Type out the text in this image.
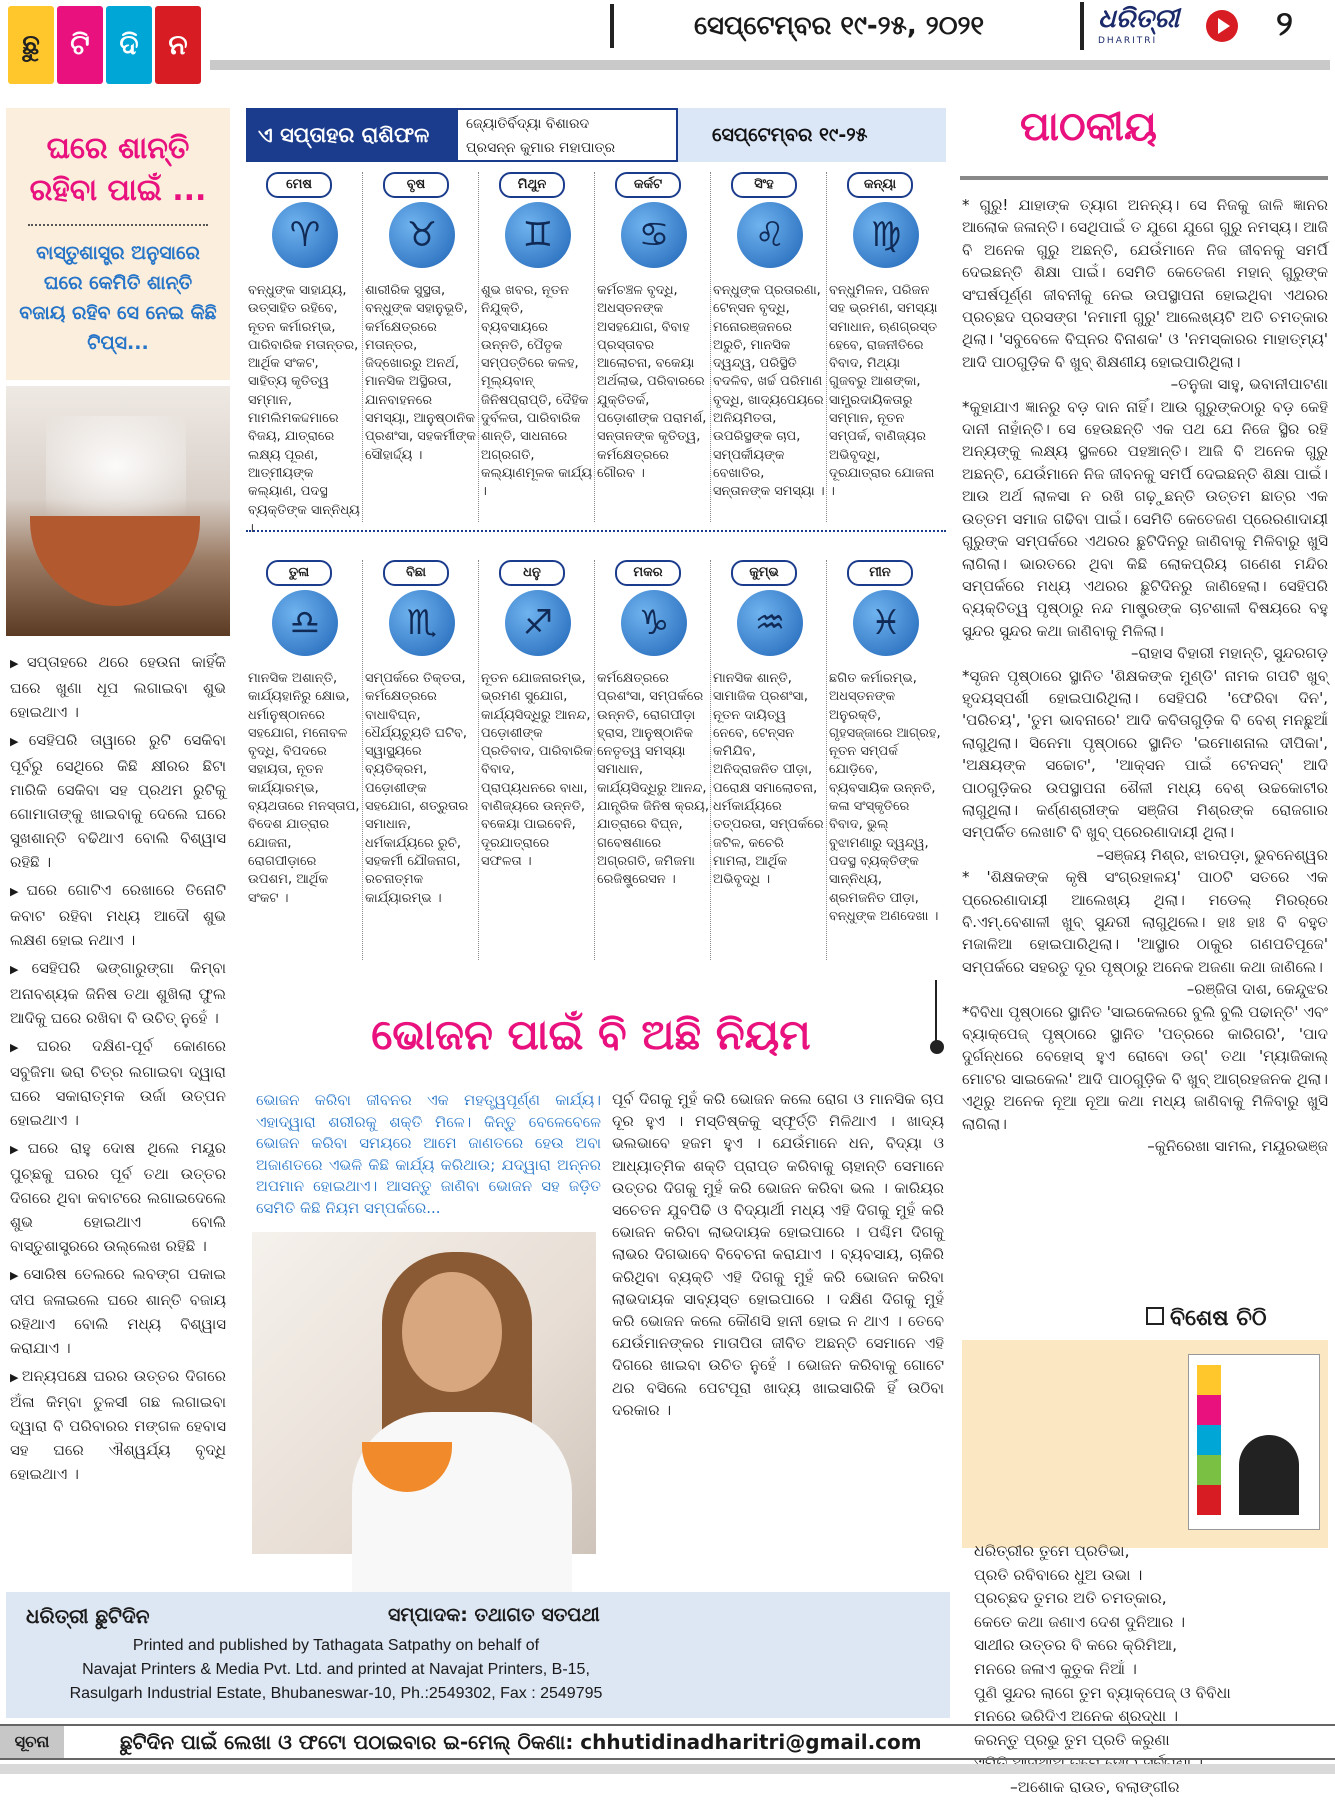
ଛୁ	ଟି	ଦି	ନ
ସେପ୍ଟେମ୍ବର ୧୯-୨୫, ୨୦୨୧	ଧରିତ୍ରୀ
DHARITRI	୨
ଘରେ ଶାନ୍ତି
ରହିବା ପାଇଁ ...
ବାସ୍ତୁଶାସ୍ତ୍ର ଅନୁସାରେ ଘରେ କେମିତି ଶାନ୍ତି ବଜାୟ ରହିବ ସେ ନେଇ କିଛି ଟିପ୍ସ...

▶ ସପ୍ତାହରେ ଥରେ ହେଉନା କାହିଁକି ଘରେ ଖୁଣା ଧୂପ ଲଗାଇବା ଶୁଭ ହୋଇଥାଏ ।

▶ ସେହିପରି ତାୱାରେ ରୁଟି ସେକିବା ପୂର୍ବରୁ ସେଥିରେ କିଛି କ୍ଷୀରର ଛିଟା ମାରିକି ସେକିବା ସହ ପ୍ରଥମ ରୁଟିକୁ ଗୋମାତାଙ୍କୁ ଖାଇବାକୁ ଦେଲେ ଘରେ ସୁଖଶାନ୍ତି ବଢିଥାଏ ବୋଲି ବିଶ୍ୱାସ ରହିଛି ।

▶ ଘରେ ଗୋଟିଏ ରେଖାରେ ତିନୋଟି କବାଟ ରହିବା ମଧ୍ୟ ଆଦୌ ଶୁଭ ଲକ୍ଷଣ ହୋଇ ନଥାଏ ।

▶ ସେହିପରି ଭଙ୍ଗାରୁଙ୍ଗା କିମ୍ବା ଅନାବଶ୍ୟକ ଜିନିଷ ତଥା ଶୁଖିଲା ଫୁଲ ଆଦିକୁ ଘରେ ରଖିବା ବି ଉଚିତ୍ ନୁହେଁ ।

▶ ଘରର ଦକ୍ଷିଣ-ପୂର୍ବ କୋଣରେ ସବୁଜିମା ଭରା ଚିତ୍ର ଲଗାଇବା ଦ୍ୱାରା ଘରେ ସକାରାତ୍ମକ ଉର୍ଜା ଉତ୍ପନ ହୋଇଥାଏ ।

▶ ଘରେ ରାହୁ ଦୋଷ ଥିଲେ ମୟୂର ପୁଚ୍ଛକୁ ଘରର ପୂର୍ବ ତଥା ଉତ୍ତର ଦିଗରେ ଥିବା କବାଟରେ ଲଗାଇଦେଲେ ଶୁଭ ହୋଇଥାଏ ବୋଲି ବାସ୍ତୁଶାସ୍ତ୍ରରେ ଉଲ୍ଲେଖ ରହିଛି ।

▶ ସୋରିଷ ତେଲରେ ଲବଙ୍ଗ ପକାଇ ଦୀପ ଜଳାଇଲେ ଘରେ ଶାନ୍ତି ବଜାୟ ରହିଥାଏ ବୋଲି ମଧ୍ୟ ବିଶ୍ୱାସ କରାଯାଏ ।

▶ ଅନ୍ୟପକ୍ଷେ ଘରର ଉତ୍ତର ଦିଗରେ ଅଁଳା କିମ୍ବା ତୁଳସୀ ଗଛ ଲଗାଇବା ଦ୍ୱାରା ବି ପରିବାରର ମଙ୍ଗଳ ହେବାସ ସହ ଘରେ ଐଶ୍ୱର୍ଯ୍ୟ ବୃଦ୍ଧି ହୋଇଥାଏ ।

ଏ ସପ୍ତାହର ରାଶିଫଳ	ଜ୍ୟୋତିର୍ବିଦ୍ୟା ବିଶାରଦ
ପ୍ରସନ୍ନ କୁମାର ମହାପାତ୍ର
ସେପ୍ଟେମ୍ବର ୧୯-୨୫
ମେଷ
♈
ବନ୍ଧୁଙ୍କ ସାହାଯ୍ୟ, ଉତ୍ସାହିତ ରହିବେ, ନୂତନ କର୍ମାରମ୍ଭ, ପାରିବାରିକ ମତାନ୍ତର, ଆର୍ଥିକ ସଂକଟ, ସାହିତ୍ୟ କୃତିତ୍ୱ ସମ୍ମାନ, ମାମଲିମକଦ୍ଦମାରେ ବିଜୟ, ଯାତ୍ରାରେ ଲକ୍ଷ୍ୟ ପୂରଣ, ଆତ୍ମୀୟଙ୍କ କଲ୍ୟାଣ, ପଦସ୍ଥ ବ୍ୟକ୍ତିଙ୍କ ସାନ୍ନିଧ୍ୟ ।
ବୃଷ
♉
ଶାରୀରିକ ସୁସ୍ଥତା, ବନ୍ଧୁଙ୍କ ସହାନୁଭୂତି, କର୍ମକ୍ଷେତ୍ରରେ ମତାନ୍ତର, ଜିଦ୍‌ଖୋରରୁ ଅନର୍ଥ, ମାନସିକ ଅସ୍ଥିରତା, ଯାନବାହନରେ ସମସ୍ୟା, ଆନୁଷ୍ଠାନିକ ପ୍ରଶଂସା, ସହକର୍ମୀଙ୍କ ସୌହାର୍ଦ୍ଦ୍ୟ ।
ମିଥୁନ
♊
ଶୁଭ ଖବର, ନୂତନ ନିଯୁକ୍ତି, ବ୍ୟବସାୟରେ ଉନ୍ନତି, ପୈତୃକ ସମ୍ପତ୍ତିରେ କଳହ, ମୂଲ୍ୟବାନ୍ ଜିନିଷପ୍ରାପ୍ତି, ଦୈହିକ ଦୁର୍ବଳତା, ପାରିବାରିକ ଶାନ୍ତି, ସାଧନାରେ ଅଗ୍ରଗତି, କଲ୍ୟାଣମୂଳକ କାର୍ଯ୍ୟ ।
କର୍କଟ
♋
କର୍ମଚଞ୍ଚଳ ବୃଦ୍ଧି, ଅଧସ୍ତନଙ୍କ ଅସହଯୋଗ, ବିବାହ ପ୍ରସ୍ତାବର ଆଲୋଚନା, ବକେୟା ଅର୍ଥଲାଭ, ପରିବାରରେ ଯୁକ୍ତିତର୍କ, ପଡ଼ୋଶୀଙ୍କ ପରାମର୍ଶ, ସନ୍ତାନଙ୍କ କୃତିତ୍ୱ, କର୍ମକ୍ଷେତ୍ରରେ ଗୌରବ ।
ସିଂହ
♌
ବନ୍ଧୁଙ୍କ ପ୍ରତାରଣା, ଟେନ୍‌ସନ ବୃଦ୍ଧି, ମନୋରଞ୍ଜନରେ ଅରୁଚି, ମାନସିକ ଦ୍ୱନ୍ଦ୍ୱ, ପରିସ୍ଥିତି ବଦଳିବ, ଖର୍ଚ୍ଚ ପରିମାଣ ବୃଦ୍ଧି, ଖାଦ୍ୟପେୟରେ ଅନିୟମିତତା, ଉପରିସ୍ଥଙ୍କ ଚାପ, ସମ୍ପର୍କୀୟଙ୍କ ବେଖାତିର, ସନ୍ତାନଙ୍କ ସମସ୍ୟା ।
କନ୍ୟା
♍
ବନ୍ଧୁମିଳନ, ପରିଜନ ସହ ଭ୍ରମଣ, ସମସ୍ୟା ସମାଧାନ, ଋଣଗ୍ରସ୍ତ ହେବେ, ରାଜନୀତିରେ ବିବାଦ, ମିଥ୍ୟା ଗୁଜବରୁ ଆଶଙ୍କା, ସାମ୍ପ୍ରଦାୟିକତାରୁ ସମ୍ମାନ, ନୂତନ ସମ୍ପର୍କ, ବାଣିଜ୍ୟର ଅଭିବୃଦ୍ଧି, ଦୂରଯାତ୍ରାର ଯୋଜନା ।
ତୁଳା
♎
ମାନସିକ ଅଶାନ୍ତି, କାର୍ଯ୍ୟହାନିରୁ କ୍ଷୋଭ, ଧର୍ମାନୁଷ୍ଠାନରେ ସହଯୋଗ, ମନୋବଳ ବୃଦ୍ଧି, ବିପଦରେ ସହାୟତା, ନୂତନ କାର୍ଯ୍ୟାରମ୍ଭ, ବ୍ୟଥତାରେ ମନସ୍ତାପ, ବିଦେଶ ଯାତ୍ରାର ଯୋଜନା, ରୋଗପୀଡ଼ାରେ ଉପଶମ, ଆର୍ଥିକ ସଂକଟ ।
ବିଛା
♏
ସମ୍ପର୍କରେ ତିକ୍ତତା, କର୍ମକ୍ଷେତ୍ରରେ ବାଧାବିଘ୍ନ, ଧୈର୍ଯ୍ୟଚ୍ୟୁତି ଘଟିବ, ସ୍ୱାସ୍ଥ୍ୟରେ ବ୍ୟତିକ୍ରମ, ପଡ଼ୋଶୀଙ୍କ ସହଯୋଗ, ଶତ୍ରୁତାର ସମାଧାନ, ଧର୍ମକାର୍ଯ୍ୟରେ ରୁଚି, ସହକର୍ମୀ ଯୌଜନାଗ, ରଚନାତ୍ମକ କାର୍ଯ୍ୟାରମ୍ଭ ।
ଧନୁ
♐
ନୂତନ ଯୋଜନାରମ୍ଭ, ଭ୍ରମଣ ସୁଯୋଗ, କାର୍ଯ୍ୟସିଦ୍ଧିରୁ ଆନନ୍ଦ, ପଡ଼ୋଶୀଙ୍କ ପ୍ରତିବାଦ, ପାରିବାରିକ ବିବାଦ, ପ୍ରାପ୍ୟଧନରେ ବାଧା, ବାଣିଜ୍ୟରେ ଉନ୍ନତି, ବକେୟା ପାଇବେନି, ଦୂରଯାତ୍ରାରେ ସଫଳତା ।
ମକର
♑
କର୍ମକ୍ଷେତ୍ରରେ ପ୍ରଶଂସା, ସମ୍ପର୍କରେ ଉନ୍ନତି, ରୋଗପୀଡ଼ା ହ୍ରାସ, ଆନୁଷ୍ଠାନିକ ନେତୃତ୍ୱ ସମସ୍ୟା ସମାଧାନ, କାର୍ଯ୍ୟସିଦ୍ଧିରୁ ଆନନ୍ଦ, ଯାନ୍ତ୍ରିକ ଜିନିଷ କ୍ରୟ, ଯାତ୍ରାରେ ବିଘ୍ନ, ଗବେଷଣାରେ ଅଗ୍ରଗତି, ଜମିଜମା ରେଜିଷ୍ଟ୍ରେସନ ।
କୁମ୍ଭ
♒
ମାନସିକ ଶାନ୍ତି, ସାମାଜିକ ପ୍ରଶଂସା, ନୂତନ ଦାୟିତ୍ୱ ନେବେ, ଟେନ୍‌ସନ କମିଯିବ, ଅନିଦ୍ରାଜନିତ ପୀଡ଼ା, ପରୋକ୍ଷ ସମାଲୋଚନା, ଧର୍ମକାର୍ଯ୍ୟରେ ତତ୍ପରତା, ସମ୍ପର୍କରେ ଜଟିଳ, କଚେରି ମାମଲା, ଆର୍ଥିକ ଅଭିବୃଦ୍ଧି ।
ମୀନ
♓
ଛଗିତ କର୍ମାରମ୍ଭ, ଅଧସ୍ତନଙ୍କ ଅନୁରକ୍ତି, ଗୃହସଜ୍ଜାରେ ଆଗ୍ରହ, ନୂତନ ସମ୍ପର୍କ ଯୋଡ଼ିବେ, ବ୍ୟବସାୟିକ ଉନ୍ନତି, କଳା ସଂସ୍କୃତିରେ ବିବାଦ, ଭୁଲ୍ ବୁଝାମଣାରୁ ଦ୍ୱନ୍ଦ୍ୱ, ପଦସ୍ଥ ବ୍ୟକ୍ତିଙ୍କ ସାନ୍ନିଧ୍ୟ, ଶ୍ରମଜନିତ ପୀଡ଼ା, ବନ୍ଧୁଙ୍କ ଅଣଦେଖା ।
ଭୋଜନ ପାଇଁ ବି ଅଛି ନିୟମ
ଭୋଜନ କରିବା ଜୀବନର ଏକ ମହତ୍ତ୍ୱପୂର୍ଣ୍ଣ କାର୍ଯ୍ୟ। ଏହାଦ୍ୱାରା ଶରୀରକୁ ଶକ୍ତି ମିଳେ। କିନ୍ତୁ ବେଳେବେଳେ ଭୋଜନ କରିବା ସମୟରେ ଆମେ ଜାଣତରେ ହେଉ ଅବା ଅଜାଣତରେ ଏଭଳି କିଛି କାର୍ଯ୍ୟ କରିଥାଉ; ଯଦ୍ୱାରା ଅନ୍ନର ଅପମାନ ହୋଇଥାଏ। ଆସନ୍ତୁ ଜାଣିବା ଭୋଜନ ସହ ଜଡ଼ିତ ସେମିତି କିଛି ନିୟମ ସମ୍ପର୍କରେ...
ପୂର୍ବ ଦିଗକୁ ମୁହଁ କରି ଭୋଜନ କଲେ ରୋଗ ଓ ମାନସିକ ଚାପ ଦୂର ହୁଏ । ମସ୍ତିଷ୍କକୁ ସ୍ଫୂର୍ତ୍ତି ମିଳିଥାଏ । ଖାଦ୍ୟ ଭଲଭାବେ ହଜମ ହୁଏ । ଯେଉଁମାନେ ଧନ, ବିଦ୍ୟା ଓ ଆଧ୍ୟାତ୍ମିକ ଶକ୍ତି ପ୍ରାପ୍ତ କରିବାକୁ ଚାହାନ୍ତି ସେମାନେ ଉତ୍ତର ଦିଗକୁ ମୁହଁ କରି ଭୋଜନ କରିବା ଭଲ । କାରିୟର ସଚେତନ ଯୁବପିଢି ଓ ବିଦ୍ୟାର୍ଥୀ ମଧ୍ୟ ଏହି ଦିଗକୁ ମୁହଁ କରି ଭୋଜନ କରିବା ଲାଭଦାୟକ ହୋଇପାରେ । ପଶ୍ଚିମ ଦିଗକୁ ଲାଭର ଦିଗଭାବେ ବିବେଚନା କରାଯାଏ । ବ୍ୟବସାୟ, ଚାକିରି କରିଥିବା ବ୍ୟକ୍ତି ଏହି ଦିଗକୁ ମୁହଁ କରି ଭୋଜନ କରିବା ଲାଭଦାୟକ ସାବ୍ୟସ୍ତ ହୋଇପାରେ । ଦକ୍ଷିଣ ଦିଗକୁ ମୁହଁ କରି ଭୋଜନ କଲେ କୌଣସି ହାନୀ ହୋଇ ନ ଥାଏ । ତେବେ ଯେଉଁମାନଙ୍କର ମାତାପିତା ଜୀବିତ ଅଛନ୍ତି ସେମାନେ ଏହି ଦିଗରେ ଖାଇବା ଉଚିତ ନୁହେଁ । ଭୋଜନ କରିବାକୁ ଗୋଟେ ଥର ବସିଲେ ପେଟପୂରା ଖାଦ୍ୟ ଖାଇସାରିକି ହିଁ ଉଠିବା ଦରକାର ।
ପାଠକୀୟ

* ଗୁରୁ! ଯାହାଙ୍କ ତ୍ୟାଗ ଅନନ୍ୟ। ସେ ନିଜକୁ ଜାଳି ଜ୍ଞାନର ଆଲୋକ ଜଳାନ୍ତି। ସେଥିପାଇଁ ତ ଯୁଗେ ଯୁଗେ ଗୁରୁ ନମସ୍ୟ। ଆଜି ବି ଅନେକ ଗୁରୁ ଅଛନ୍ତି, ଯେଉଁମାନେ ନିଜ ଜୀବନକୁ ସମର୍ପି ଦେଇଛନ୍ତି ଶିକ୍ଷା ପାଇଁ। ସେମିତି କେତେଜଣ ମହାନ୍ ଗୁରୁଙ୍କ ସଂଘର୍ଷପୂର୍ଣ୍ଣ ଜୀବନୀକୁ ନେଇ ଉପସ୍ଥାପନା ହୋଇଥିବା ଏଥରର ପ୍ରଚ୍ଛଦ ପ୍ରସଙ୍ଗ 'ନମାମୀ ଗୁରୁ' ଆଲେଖ୍ୟଟି ଅତି ଚମତ୍କାର ଥିଲା। 'ସବୁବେଳେ ବିଘ୍ନର ବିନାଶକ' ଓ 'ନମସ୍କାରର ମାହାତ୍ମ୍ୟ' ଆଦି ପାଠଗୁଡ଼ିକ ବି ଖୁବ୍ ଶିକ୍ଷଣୀୟ ହୋଇପାରିଥିଲା।

–ତନୁଜା ସାହୁ, ଭବାନୀପାଟଣା

*କୁହାଯାଏ ଜ୍ଞାନରୁ ବଡ଼ ଦାନ ନାହିଁ। ଆଉ ଗୁରୁଙ୍କଠାରୁ ବଡ଼ କେହି ଦାନୀ ନାହାଁନ୍ତି। ସେ ହେଉଛନ୍ତି ଏକ ପଥ ଯେ ନିଜେ ସ୍ଥିର ରହି ଅନ୍ୟଙ୍କୁ ଲକ୍ଷ୍ୟ ସ୍ଥଳରେ ପହଞ୍ଚାନ୍ତି। ଆଜି ବି ଅନେକ ଗୁରୁ ଅଛନ୍ତି, ଯେଉଁମାନେ ନିଜ ଜୀବନକୁ ସମର୍ପି ଦେଇଛନ୍ତି ଶିକ୍ଷା ପାଇଁ। ଆଉ ଅର୍ଥ ଲାଳସା ନ ରଖି ଗଢ଼ୁଛନ୍ତି ଉତ୍ତମ ଛାତ୍ର ଏକ ଉତ୍ତମ ସମାଜ ଗଢିବା ପାଇଁ। ସେମିତି କେତେଜଣ ପ୍ରେରଣାଦାୟୀ ଗୁରୁଙ୍କ ସମ୍ପର୍କରେ ଏଥରର ଛୁଟିଦିନରୁ ଜାଣିବାକୁ ମିଳିବାରୁ ଖୁସି ଲାଗିଲା। ଭାରତରେ ଥିବା କିଛି ଲୋକପ୍ରିୟ ଗଣେଶ ମନ୍ଦିର ସମ୍ପର୍କରେ ମଧ୍ୟ ଏଥରର ଛୁଟିଦିନରୁ ଜାଣିହେଲା। ସେହିପରି ବ୍ୟକ୍ତିତ୍ୱ ପୃଷ୍ଠାରୁ ନନ୍ଦ ମାଷ୍ଟ୍ରଙ୍କ ଚାଟଶାଳୀ ବିଷୟରେ ବହୁ ସୁନ୍ଦର ସୁନ୍ଦର କଥା ଜାଣିବାକୁ ମିଳିଲା।

–ରାହାସ ବିହାରୀ ମହାନ୍ତି, ସୁନ୍ଦରଗଡ଼

*ସୃଜନ ପୃଷ୍ଠାରେ ସ୍ଥାନିତ 'ଶିକ୍ଷକଙ୍କ ମୁଣ୍ଡି' ନାମକ ଗପଟି ଖୁବ୍ ହୃଦୟସ୍ପର୍ଶୀ ହୋଇପାରିଥିଲା। ସେହିପରି 'ଫେରିବା ଦିନ', 'ପରିଚୟ', 'ତୁମ ଭାବନାରେ' ଆଦି କବିତାଗୁଡ଼ିକ ବି ବେଶ୍ ମନଛୁଆଁ ଲାଗୁଥିଲା। ସିନେମା ପୃଷ୍ଠାରେ ସ୍ଥାନିତ 'ଇମୋଶନାଲ ଦୀପିକା', 'ଅକ୍ଷୟଙ୍କ ସଚ୍ଚୋଟ', 'ଆକ୍ସନ ପାଇଁ ଟେନସନ୍' ଆଦି ପାଠଗୁଡ଼ିକର ଉପସ୍ଥାପନା ଶୈଳୀ ମଧ୍ୟ ବେଶ୍ ଉଚ୍ଚକୋଟୀର ଲାଗୁଥିଲା। କର୍ଣ୍ଣଶ୍ରୀଙ୍କ ସଞ୍ଜିତା ମିଶ୍ରଙ୍କ ରୋଜଗାର ସମ୍ପର୍କିତ ଲେଖାଟି ବି ଖୁବ୍ ପ୍ରେରଣାଦାୟୀ ଥିଲା।

–ସଞ୍ଜୟ ମିଶ୍ର, ଝାରପଡ଼ା, ଭୁବନେଶ୍ୱର

* 'ଶିକ୍ଷକଙ୍କ କୃଷି ସଂଗ୍ରହାଳୟ' ପାଠଟି ସତରେ ଏକ ପ୍ରେରଣାଦାୟୀ ଆଲେଖ୍ୟ ଥିଲା। ମଡେଲ୍ ମିରର୍‌ରେ ବି.ଏମ୍.ବେଶାଳୀ ଖୁବ୍ ସୁନ୍ଦରୀ ଲାଗୁଥିଲେ। ହାଃ ହାଃ ବି ବହୁତ ମଜାଳିଆ ହୋଇପାରିଥିଲା। 'ଆସ୍ଥାର ଠାକୁର ଗଣପତିପୂଜେ' ସମ୍ପର୍କରେ ସହରତୁ ଦୂର ପୃଷ୍ଠାରୁ ଅନେକ ଅଜଣା କଥା ଜାଣିଲେ।

–ରଞ୍ଜିତା ଦାଶ, କେନ୍ଦୁଝର

*ବିବିଧା ପୃଷ୍ଠାରେ ସ୍ଥାନିତ 'ସାଇକେଲରେ ବୁଲି ବୁଲି ପଢାନ୍ତି' ଏବଂ ବ୍ୟାକ୍‌ପେଜ୍ ପୃଷ୍ଠାରେ ସ୍ଥାନିତ 'ପତ୍ରରେ କାରିଗରି', 'ପାଦ ଦୁର୍ଗନ୍ଧରେ ବେହୋସ୍ ହୁଏ ରୋବୋ ଡଗ୍' ତଥା 'ମ୍ୟାଜିକାଲ୍ ମୋଟର ସାଇକେଲ' ଆଦି ପାଠଗୁଡ଼ିକ ବି ଖୁବ୍ ଆଗ୍ରହଜନକ ଥିଲା। ଏଥିରୁ ଅନେକ ନୂଆ ନୂଆ କଥା ମଧ୍ୟ ଜାଣିବାକୁ ମିଳିବାରୁ ଖୁସି ଲାଗିଲା।

–କୁନିରେଖା ସାମଲ, ମୟୂରଭଞ୍ଜ

ବିଶେଷ ଚିଠି
ଧରିତ୍ରୀର ତୁମେ ପ୍ରତିଭା,
ପ୍ରତି ରବିବାରେ ଧୁଅ ଉଭା ।
ପ୍ରଚ୍ଛଦ ତୁମର ଅତି ଚମତ୍କାର,
କେତେ କଥା ଜଣାଏ ଦେଶ ଦୁନିଆର ।
ସାଥୀର ଉତ୍ତର ବି କରେ କ୍ରିମିଆ,
ମନରେ ଜଳାଏ କୁତୁକ ନିଆଁ ।
ପୁଣି ସୁନ୍ଦର ଲାଗେ ତୁମ ବ୍ୟାକ୍‌ପେଜ୍ ଓ ବିବିଧା
ମନରେ ଭରିଦିଏ ଅନେକ ଶ୍ରଦ୍ଧା ।
କରନ୍ତୁ ପ୍ରଭୁ ତୁମ ପ୍ରତି କରୁଣା
–ଅଶୋକ ରାଉତ, ବଲାଙ୍ଗୀର
ଧରିତ୍ରୀ ଛୁଟିଦିନ	ସମ୍ପାଦକ: ତଥାଗତ ସତପଥୀ
Printed and published by Tathagata Satpathy on behalf of
Navajat Printers & Media Pvt. Ltd. and printed at Navajat Printers, B-15,
Rasulgarh Industrial Estate, Bhubaneswar-10, Ph.:2549302, Fax : 2549795
ସୂଚନା	ଛୁଟିଦିନ ପାଇଁ ଲେଖା ଓ ଫଟୋ ପଠାଇବାର ଇ-ମେଲ୍ ଠିକଣା: chhutidinadharitri@gmail.com
